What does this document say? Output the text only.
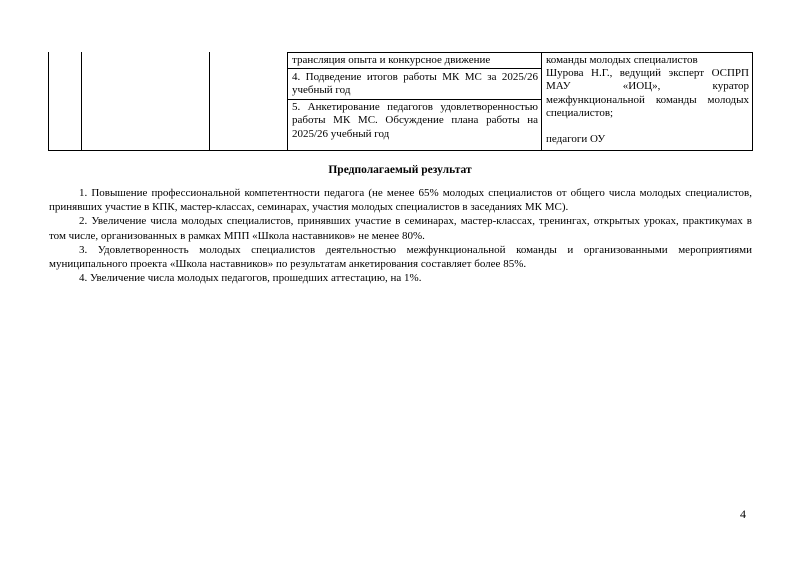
трансляция опыта и конкурсное движение
4. Подведение итогов работы МК МС за 2025/26 учебный год
5. Анкетирование педагогов удовлетворенностью работы МК МС. Обсуждение плана работы на 2025/26 учебный год
команды молодых специалистов
Шурова Н.Г., ведущий эксперт ОСПРП МАУ «ИОЦ», куратор межфункциональной команды молодых специалистов;
педагоги ОУ
Предполагаемый результат

1. Повышение профессиональной компетентности педагога (не менее 65% молодых специалистов от общего числа молодых специалистов, принявших участие в КПК, мастер-классах, семинарах, участия молодых специалистов в заседаниях МК МС).

2. Увеличение числа молодых специалистов, принявших участие в семинарах, мастер-классах, тренингах, открытых уроках, практикумах в том числе, организованных в рамках МПП «Школа наставников» не менее 80%.

3. Удовлетворенность молодых специалистов деятельностью межфункциональной команды и организованными мероприятиями муниципального проекта «Школа наставников» по результатам анкетирования составляет более 85%.

4. Увеличение числа молодых педагогов, прошедших аттестацию, на 1%.

4
